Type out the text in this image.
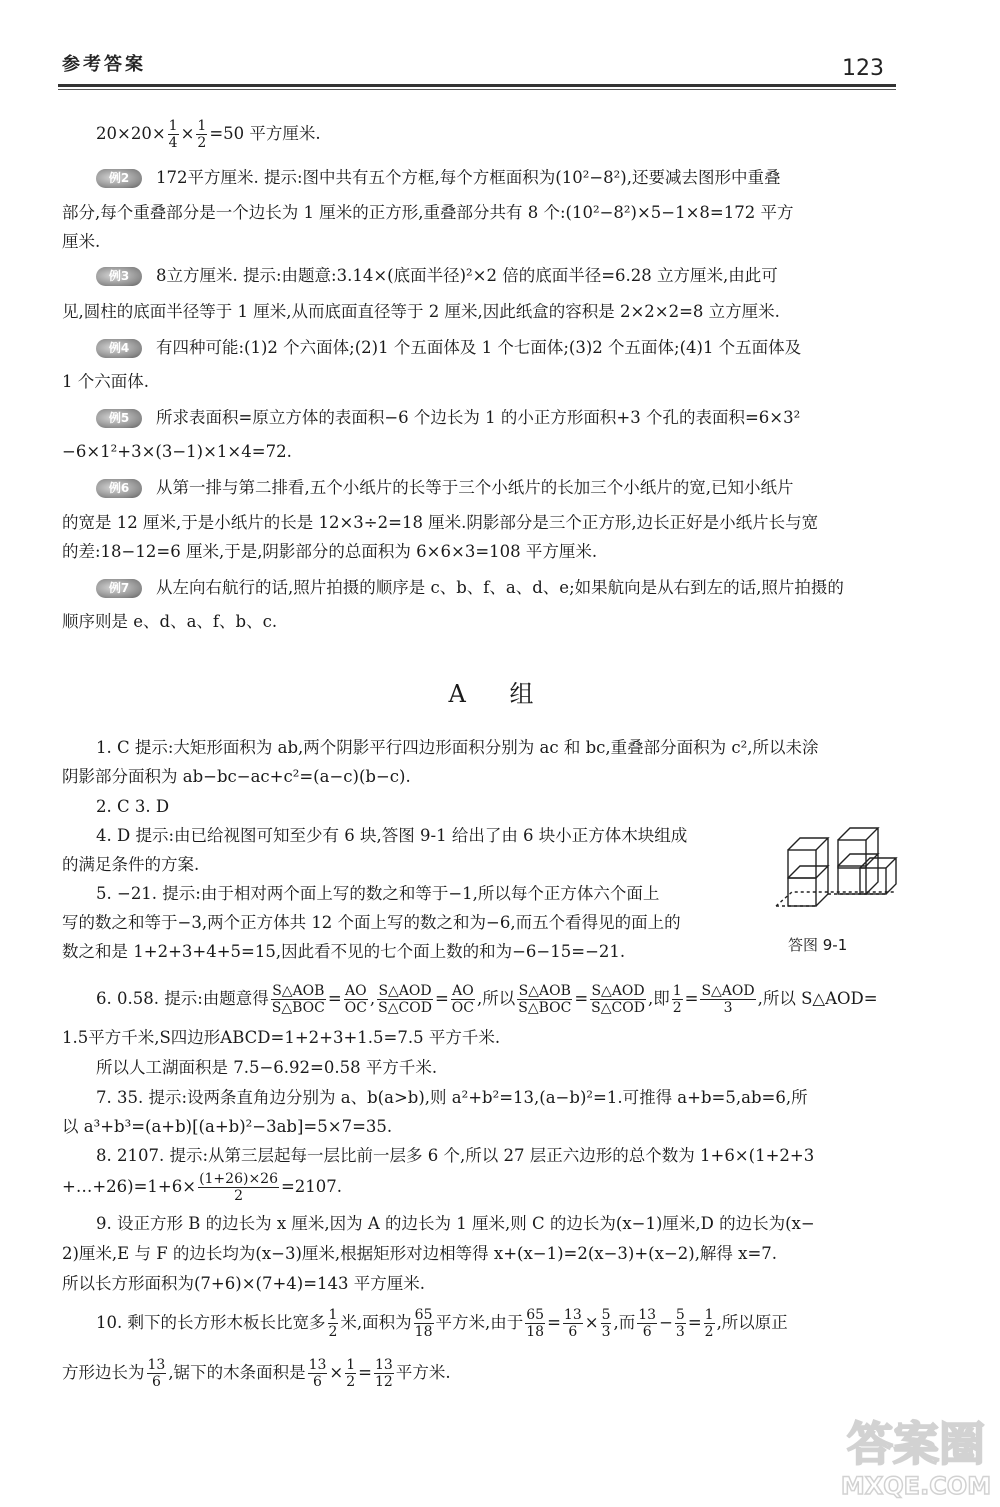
参考答案	123
$20\times 20\times \frac{1}{4} \times \frac{1}{2} =50$ 平方厘米.
例2 172平方厘米. 提示:图中共有五个方框,每个方框面积为(10²−8²),还要减去图形中重叠
部分,每个重叠部分是一个边长为 1 厘米的正方形,重叠部分共有 8 个:(10²−8²)×5−1×8=172 平方
厘米.
例3 8立方厘米. 提示:由题意:3.14×(底面半径)²×2 倍的底面半径=6.28 立方厘米,由此可
见,圆柱的底面半径等于 1 厘米,从而底面直径等于 2 厘米,因此纸盒的容积是 2×2×2=8 立方厘米.
例4 有四种可能:(1)2 个六面体;(2)1 个五面体及 1 个七面体;(3)2 个五面体;(4)1 个五面体及
1 个六面体.
例5 所求表面积=原立方体的表面积−6 个边长为 1 的小正方形面积+3 个孔的表面积=6×3²
−6×1²+3×(3−1)×1×4=72.
例6 从第一排与第二排看,五个小纸片的长等于三个小纸片的长加三个小纸片的宽,已知小纸片
的宽是 12 厘米,于是小纸片的长是 12×3÷2=18 厘米.阴影部分是三个正方形,边长正好是小纸片长与宽
的差:18−12=6 厘米,于是,阴影部分的总面积为 6×6×3=108 平方厘米.
例7 从左向右航行的话,照片拍摄的顺序是 c、b、f、a、d、e;如果航向是从右到左的话,照片拍摄的
顺序则是 e、d、a、f、b、c.
A 组
1. C 提示:大矩形面积为 ab,两个阴影平行四边形面积分别为 ac 和 bc,重叠部分面积为 c²,所以未涂
阴影部分面积为 ab−bc−ac+c²=(a−c)(b−c).
2. C 3. D
4. D 提示:由已给视图可知至少有 6 块,答图 9-1 给出了由 6 块小正方体木块组成
的满足条件的方案.
5. −21. 提示:由于相对两个面上写的数之和等于−1,所以每个正方体六个面上
写的数之和等于−3,两个正方体共 12 个面上写的数之和为−6,而五个看得见的面上的
数之和是 1+2+3+4+5=15,因此看不见的七个面上数的和为−6−15=−21.	答图 9-1
6. 0.58. 提示:由题意得 $\frac{\text{S△AOB}}{\text{S△BOC}} = \frac{AO}{OC}$ , $\frac{\text{S△AOD}}{\text{S△COD}} = \frac{AO}{OC}$ ,所以 $\frac{\text{S△AOB}}{\text{S△BOC}} = \frac{\text{S△AOD}}{\text{S△COD}}$ ,即 $\frac{1}{2} = \frac{\text{S△AOD}}{3}$ ,所以 S△AOD=
1.5平方千米,S四边形ABCD=1+2+3+1.5=7.5 平方千米.
所以人工湖面积是 7.5−6.92=0.58 平方千米.
7. 35. 提示:设两条直角边分别为 a、b(a>b),则 a²+b²=13,(a−b)²=1.可推得 a+b=5,ab=6,所
以 a³+b³=(a+b)[(a+b)²−3ab]=5×7=35.
8. 2107. 提示:从第三层起每一层比前一层多 6 个,所以 27 层正六边形的总个数为 1+6×(1+2+3
+…+26)=1+6× $\frac{(1+26)\times 26}{2} =2107$.
9. 设正方形 B 的边长为 x 厘米,因为 A 的边长为 1 厘米,则 C 的边长为(x−1)厘米,D 的边长为(x−
2)厘米,E 与 F 的边长均为(x−3)厘米,根据矩形对边相等得 x+(x−1)=2(x−3)+(x−2),解得 x=7.
所以长方形面积为(7+6)×(7+4)=143 平方厘米.
10. 剩下的长方形木板长比宽多 $\frac{1}{2}$ 米,面积为 $\frac{65}{18}$ 平方米,由于 $\frac{65}{18} = \frac{13}{6} \times \frac{5}{3}$ ,而 $\frac{13}{6} - \frac{5}{3} = \frac{1}{2}$ ,所以原正
方形边长为 $\frac{13}{6}$ ,锯下的木条面积是 $\frac{13}{6} \times \frac{1}{2} = \frac{13}{12}$ 平方米.
答案圈
MXQE.COM
